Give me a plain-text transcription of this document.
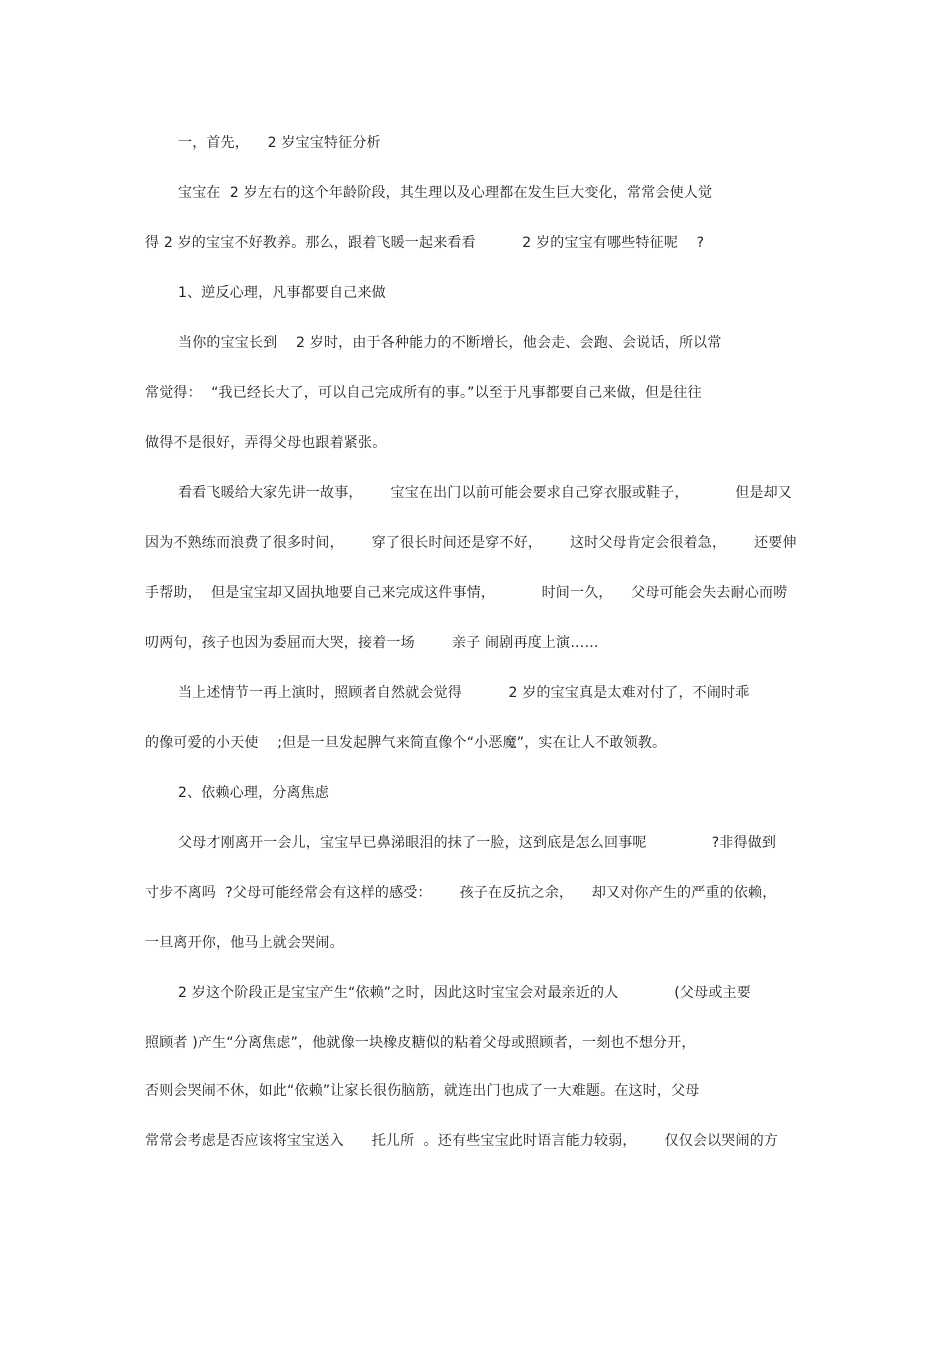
一，首先，    2 岁宝宝特征分析
宝宝在  2 岁左右的这个年龄阶段，其生理以及心理都在发生巨大变化，常常会使人觉
得 2 岁的宝宝不好教养。那么，跟着飞暖一起来看看          2 岁的宝宝有哪些特征呢    ?
1、逆反心理，凡事都要自己来做
当你的宝宝长到    2 岁时，由于各种能力的不断增长，他会走、会跑、会说话，所以常
常觉得：  “我已经长大了，可以自己完成所有的事。”以至于凡事都要自己来做，但是往往
做得不是很好，弄得父母也跟着紧张。
看看飞暖给大家先讲一故事，      宝宝在出门以前可能会要求自己穿衣服或鞋子，          但是却又
因为不熟练而浪费了很多时间，      穿了很长时间还是穿不好，      这时父母肯定会很着急，      还要伸
手帮助，  但是宝宝却又固执地要自己来完成这件事情，          时间一久，    父母可能会失去耐心而唠
叨两句，孩子也因为委屈而大哭，接着一场        亲子 闹剧再度上演……
当上述情节一再上演时，照顾者自然就会觉得          2 岁的宝宝真是太难对付了，不闹时乖
的像可爱的小天使    ;但是一旦发起脾气来简直像个“小恶魔”，实在让人不敢领教。
2、依赖心理，分离焦虑
父母才刚离开一会儿，宝宝早已鼻涕眼泪的抹了一脸，这到底是怎么回事呢              ?非得做到
寸步不离吗  ?父母可能经常会有这样的感受：      孩子在反抗之余，    却又对你产生的严重的依赖，
一旦离开你，他马上就会哭闹。
2 岁这个阶段正是宝宝产生“依赖”之时，因此这时宝宝会对最亲近的人            (父母或主要
照顾者 )产生“分离焦虑”，他就像一块橡皮糖似的粘着父母或照顾者，一刻也不想分开，
否则会哭闹不休，如此“依赖”让家长很伤脑筋，就连出门也成了一大难题。在这时，父母
常常会考虑是否应该将宝宝送入      托儿所  。还有些宝宝此时语言能力较弱，      仅仅会以哭闹的方
